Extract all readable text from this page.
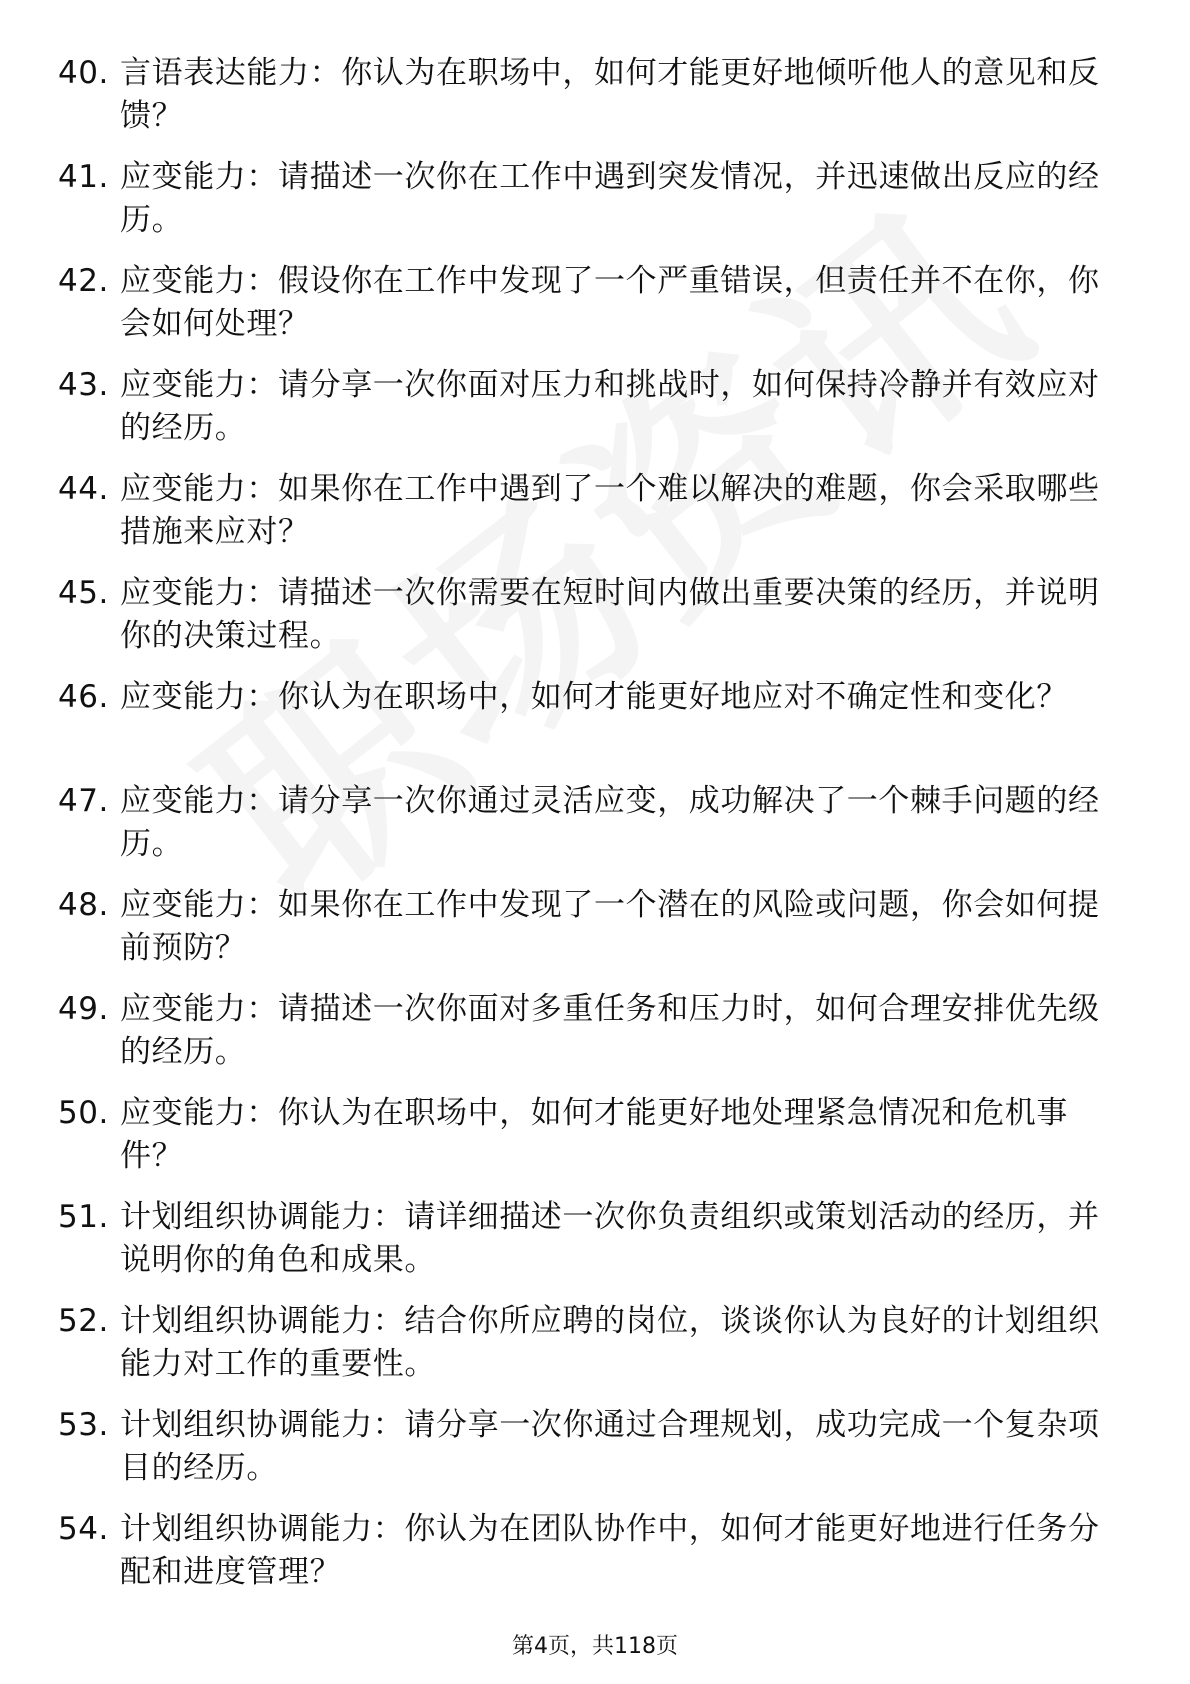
40. 言语表达能力：你认为在职场中，如何才能更好地倾听他人的意见和反馈？
41. 应变能力：请描述一次你在工作中遇到突发情况，并迅速做出反应的经历。
42. 应变能力：假设你在工作中发现了一个严重错误，但责任并不在你，你会如何处理？
43. 应变能力：请分享一次你面对压力和挑战时，如何保持冷静并有效应对的经历。
44. 应变能力：如果你在工作中遇到了一个难以解决的难题，你会采取哪些措施来应对？
45. 应变能力：请描述一次你需要在短时间内做出重要决策的经历，并说明你的决策过程。
46. 应变能力：你认为在职场中，如何才能更好地应对不确定性和变化？
47. 应变能力：请分享一次你通过灵活应变，成功解决了一个棘手问题的经历。
48. 应变能力：如果你在工作中发现了一个潜在的风险或问题，你会如何提前预防？
49. 应变能力：请描述一次你面对多重任务和压力时，如何合理安排优先级的经历。
50. 应变能力：你认为在职场中，如何才能更好地处理紧急情况和危机事件？
51. 计划组织协调能力：请详细描述一次你负责组织或策划活动的经历，并说明你的角色和成果。
52. 计划组织协调能力：结合你所应聘的岗位，谈谈你认为良好的计划组织能力对工作的重要性。
53. 计划组织协调能力：请分享一次你通过合理规划，成功完成一个复杂项目的经历。
54. 计划组织协调能力：你认为在团队协作中，如何才能更好地进行任务分配和进度管理？
第4页，共118页
